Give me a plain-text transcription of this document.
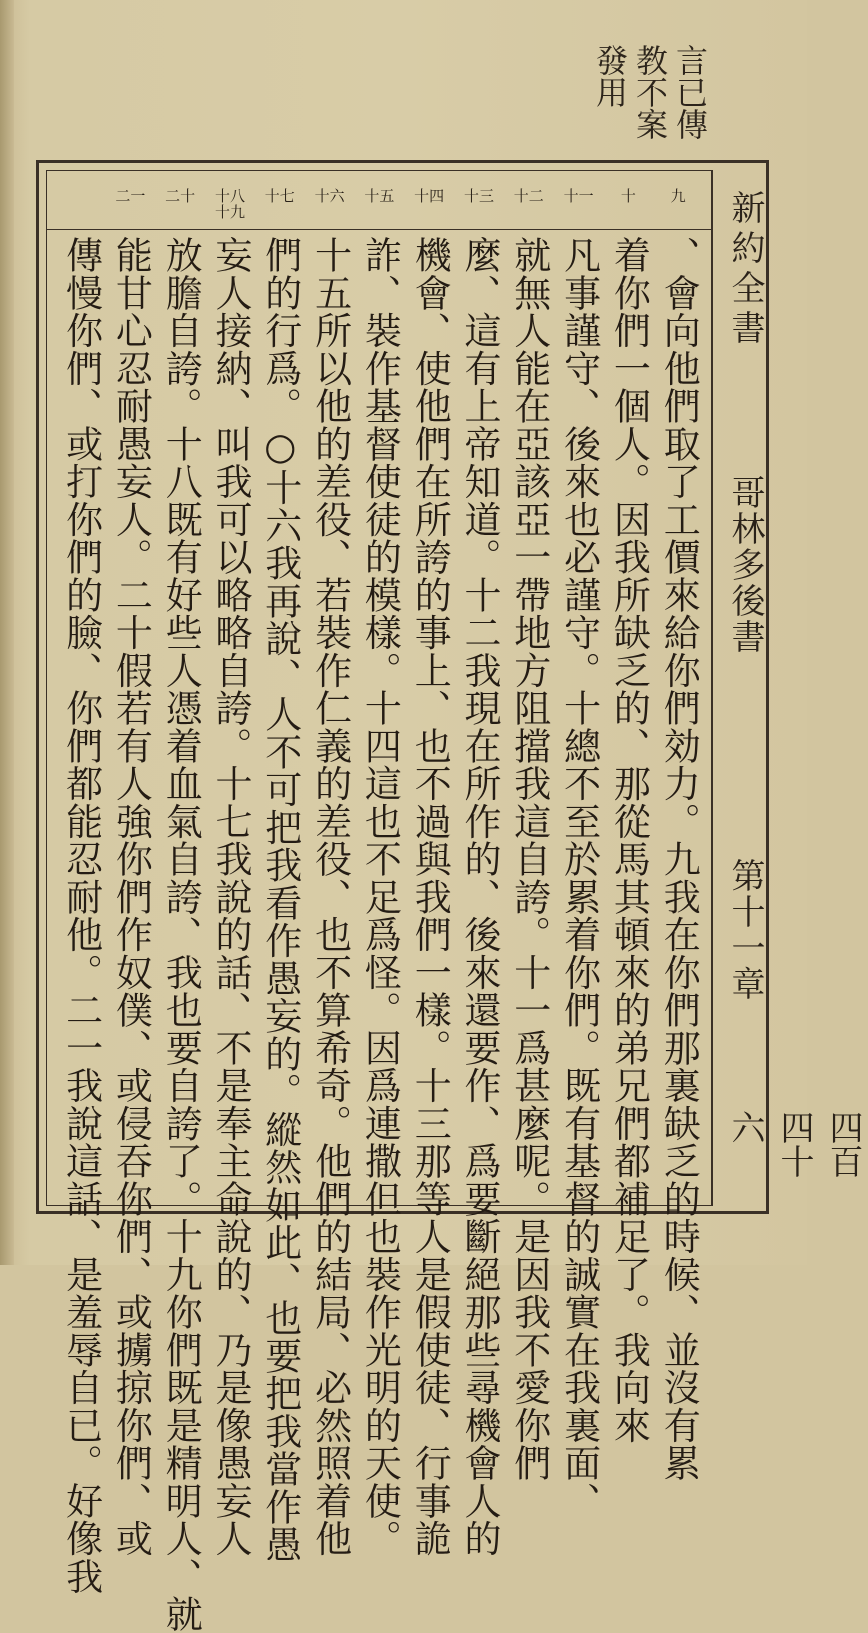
言已傳
教不案
發用
新約全書
哥林多後書
第十一章
四百四十六
九
十
十一
十二
十三
十四
十五
十六
十七
十八十九
二十
二一
、會向他們取了工價來給你們効力。九我在你們那裏缺乏的時候、並沒有累
着你們一個人。因我所缺乏的、那從馬其頓來的弟兄們都補足了。我向來
凡事謹守、後來也必謹守。十總不至於累着你們。既有基督的誠實在我裏面、
就無人能在亞該亞一帶地方阻擋我這自誇。十一爲甚麼呢。是因我不愛你們
麼、這有上帝知道。十二我現在所作的、後來還要作、爲要斷絕那些尋機會人的
機會、使他們在所誇的事上、也不過與我們一樣。十三那等人是假使徒、行事詭
詐、裝作基督使徒的模樣。十四這也不足爲怪。因爲連撒但也裝作光明的天使。
十五所以他的差役、若裝作仁義的差役、也不算希奇。他們的結局、必然照着他
們的行爲。○十六我再說、人不可把我看作愚妄的。縱然如此、也要把我當作愚
妄人接納、叫我可以略略自誇。十七我說的話、不是奉主命說的、乃是像愚妄人
放膽自誇。十八既有好些人憑着血氣自誇、我也要自誇了。十九你們既是精明人、就
能甘心忍耐愚妄人。二十假若有人強你們作奴僕、或侵吞你們、或擄掠你們、或
傳慢你們、或打你們的臉、你們都能忍耐他。二一我說這話、是羞辱自已。好像我
